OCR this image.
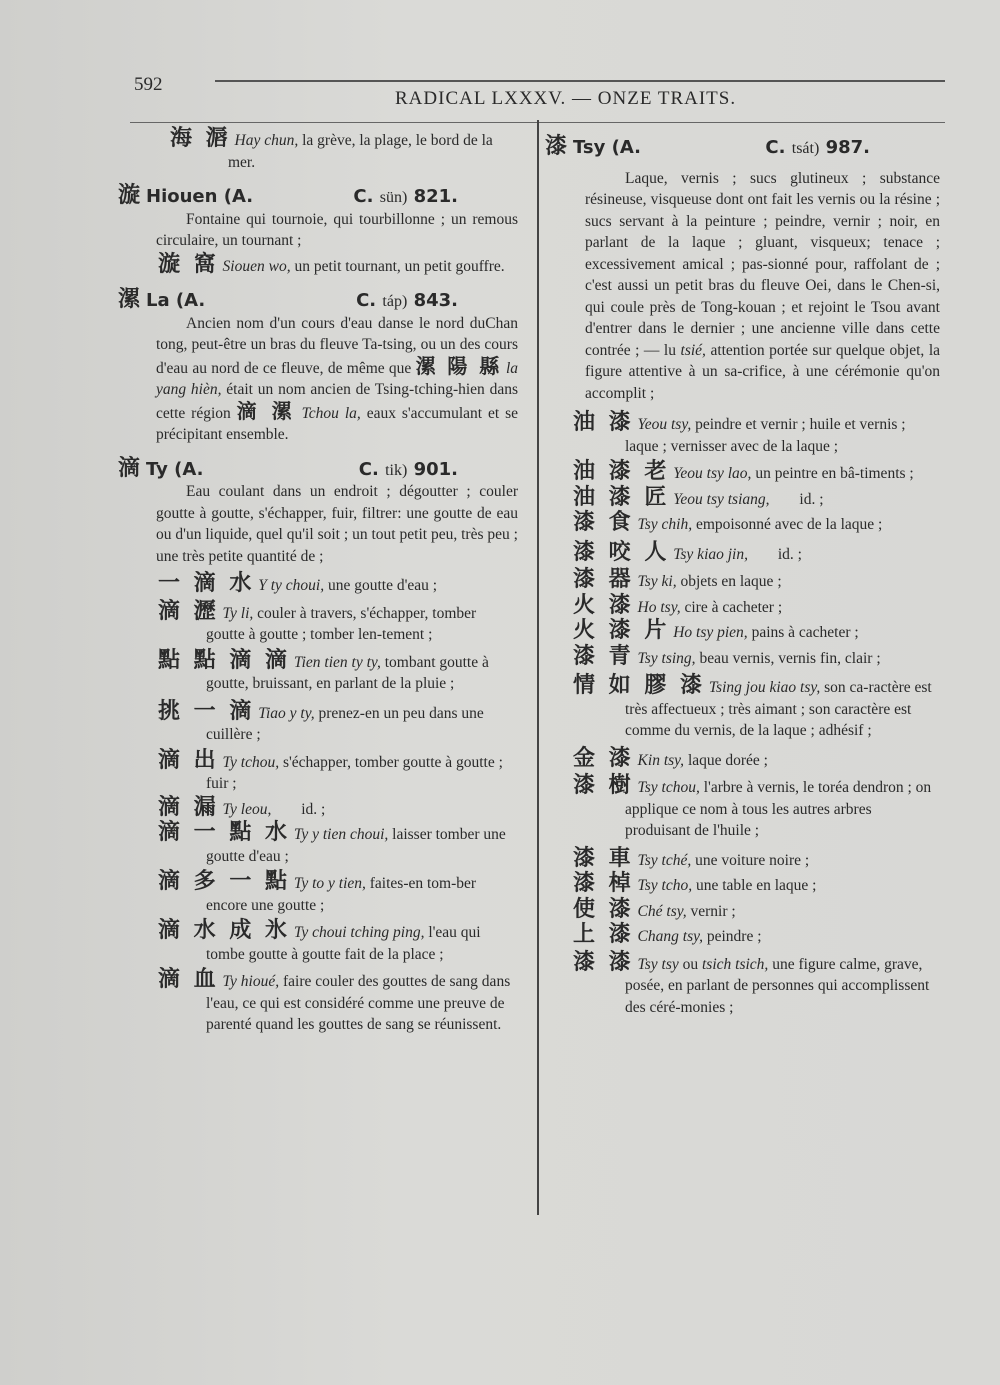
592
RADICAL LXXXV. — ONZE TRAITS.
海 滣 Hay chun, la grève, la plage, le bord de la mer.
漩 Hiouen (A.	C. sün) 821.
Fontaine qui tournoie, qui tourbillonne ; un remous circulaire, un tournant ;
漩 窩 Siouen wo, un petit tournant, un petit gouffre.
漯 La (A.	C. táp) 843.
Ancien nom d'un cours d'eau danse le nord duChan tong, peut-être un bras du fleuve Ta-tsing, ou un des cours d'eau au nord de ce fleuve, de même que 漯 陽 縣 la yang hièn, était un nom ancien de Tsing-tching-hien dans cette région 滴 漯 Tchou la, eaux s'accumulant et se précipitant ensemble.
滴 Ty (A.	C. tik) 901.
Eau coulant dans un endroit ; dégoutter ; couler goutte à goutte, s'échapper, fuir, filtrer: une goutte de eau ou d'un liquide, quel qu'il soit ; un tout petit peu, très peu ; une très petite quantité de ;
一 滴 水 Y ty choui, une goutte d'eau ;
滴 瀝 Ty li, couler à travers, s'échapper, tomber goutte à goutte ; tomber len-tement ;
點 點 滴 滴 Tien tien ty ty, tombant goutte à goutte, bruissant, en parlant de la pluie ;
挑 一 滴 Tiao y ty, prenez-en un peu dans une cuillère ;
滴 出 Ty tchou, s'échapper, tomber goutte à goutte ; fuir ;
滴 漏 Ty leou, id. ;
滴 一 點 水 Ty y tien choui, laisser tomber une goutte d'eau ;
滴 多 一 點 Ty to y tien, faites-en tom-ber encore une goutte ;
滴 水 成 氷 Ty choui tching ping, l'eau qui tombe goutte à goutte fait de la place ;
滴 血 Ty hioué, faire couler des gouttes de sang dans l'eau, ce qui est considéré comme une preuve de parenté quand les gouttes de sang se réunissent.
漆 Tsy (A.	C. tsát) 987.
Laque, vernis ; sucs glutineux ; substance résineuse, visqueuse dont ont fait les vernis ou la résine ; sucs servant à la peinture ; peindre, vernir ; noir, en parlant de la laque ; gluant, visqueux; tenace ; excessivement amical ; pas-sionné pour, raffolant de ; c'est aussi un petit bras du fleuve Oei, dans le Chen-si, qui coule près de Tong-kouan ; et rejoint le Tsou avant d'entrer dans le dernier ; une ancienne ville dans cette contrée ; — lu tsié, attention portée sur quelque objet, la figure attentive à un sa-crifice, à une cérémonie qu'on accomplit ;
油 漆 Yeou tsy, peindre et vernir ; huile et vernis ; laque ; vernisser avec de la laque ;
油 漆 老 Yeou tsy lao, un peintre en bâ-timents ;
油 漆 匠 Yeou tsy tsiang, id. ;
漆 食 Tsy chih, empoisonné avec de la laque ;
漆 咬 人 Tsy kiao jin, id. ;
漆 器 Tsy ki, objets en laque ;
火 漆 Ho tsy, cire à cacheter ;
火 漆 片 Ho tsy pien, pains à cacheter ;
漆 青 Tsy tsing, beau vernis, vernis fin, clair ;
情 如 膠 漆 Tsing jou kiao tsy, son ca-ractère est très affectueux ; très aimant ; son caractère est comme du vernis, de la laque ; adhésif ;
金 漆 Kin tsy, laque dorée ;
漆 樹 Tsy tchou, l'arbre à vernis, le toréa dendron ; on applique ce nom à tous les autres arbres produisant de l'huile ;
漆 車 Tsy tché, une voiture noire ;
漆 棹 Tsy tcho, une table en laque ;
使 漆 Ché tsy, vernir ;
上 漆 Chang tsy, peindre ;
漆 漆 Tsy tsy ou tsich tsich, une figure calme, grave, posée, en parlant de personnes qui accomplissent des céré-monies ;
